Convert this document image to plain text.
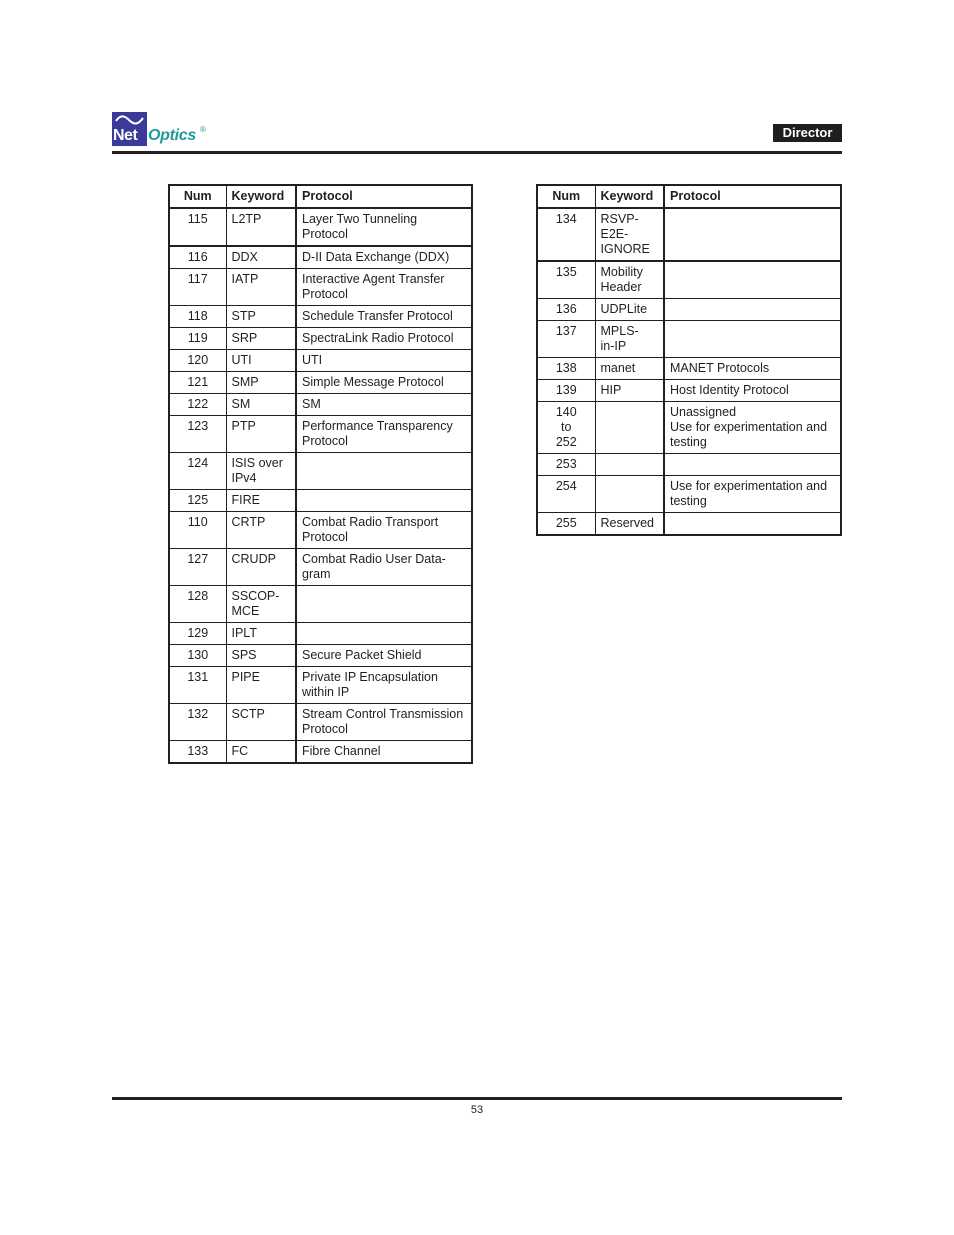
Net Optics ®	Director
Num	Keyword	Protocol
115	L2TP	Layer Two Tunneling Protocol
116	DDX	D-II Data Exchange (DDX)
117	IATP	Interactive Agent Transfer Protocol
118	STP	Schedule Transfer Protocol
119	SRP	SpectraLink Radio Protocol
120	UTI	UTI
121	SMP	Simple Message Protocol
122	SM	SM
123	PTP	Performance Transparency Protocol
124	ISIS over
IPv4	
125	FIRE	
110	CRTP	Combat Radio Transport Protocol
127	CRUDP	Combat Radio User Data-
gram
128	SSCOP-
MCE	
129	IPLT	
130	SPS	Secure Packet Shield
131	PIPE	Private IP Encapsulation within IP
132	SCTP	Stream Control Transmission Protocol
133	FC	Fibre Channel
Num	Keyword	Protocol
134	RSVP-
E2E-
IGNORE	
135	Mobility
Header	
136	UDPLite	
137	MPLS-
in-IP	
138	manet	MANET Protocols
139	HIP	Host Identity Protocol
140
to
252		Unassigned
Use for experimentation and testing
253		
254		Use for experimentation and testing
255	Reserved	
53
